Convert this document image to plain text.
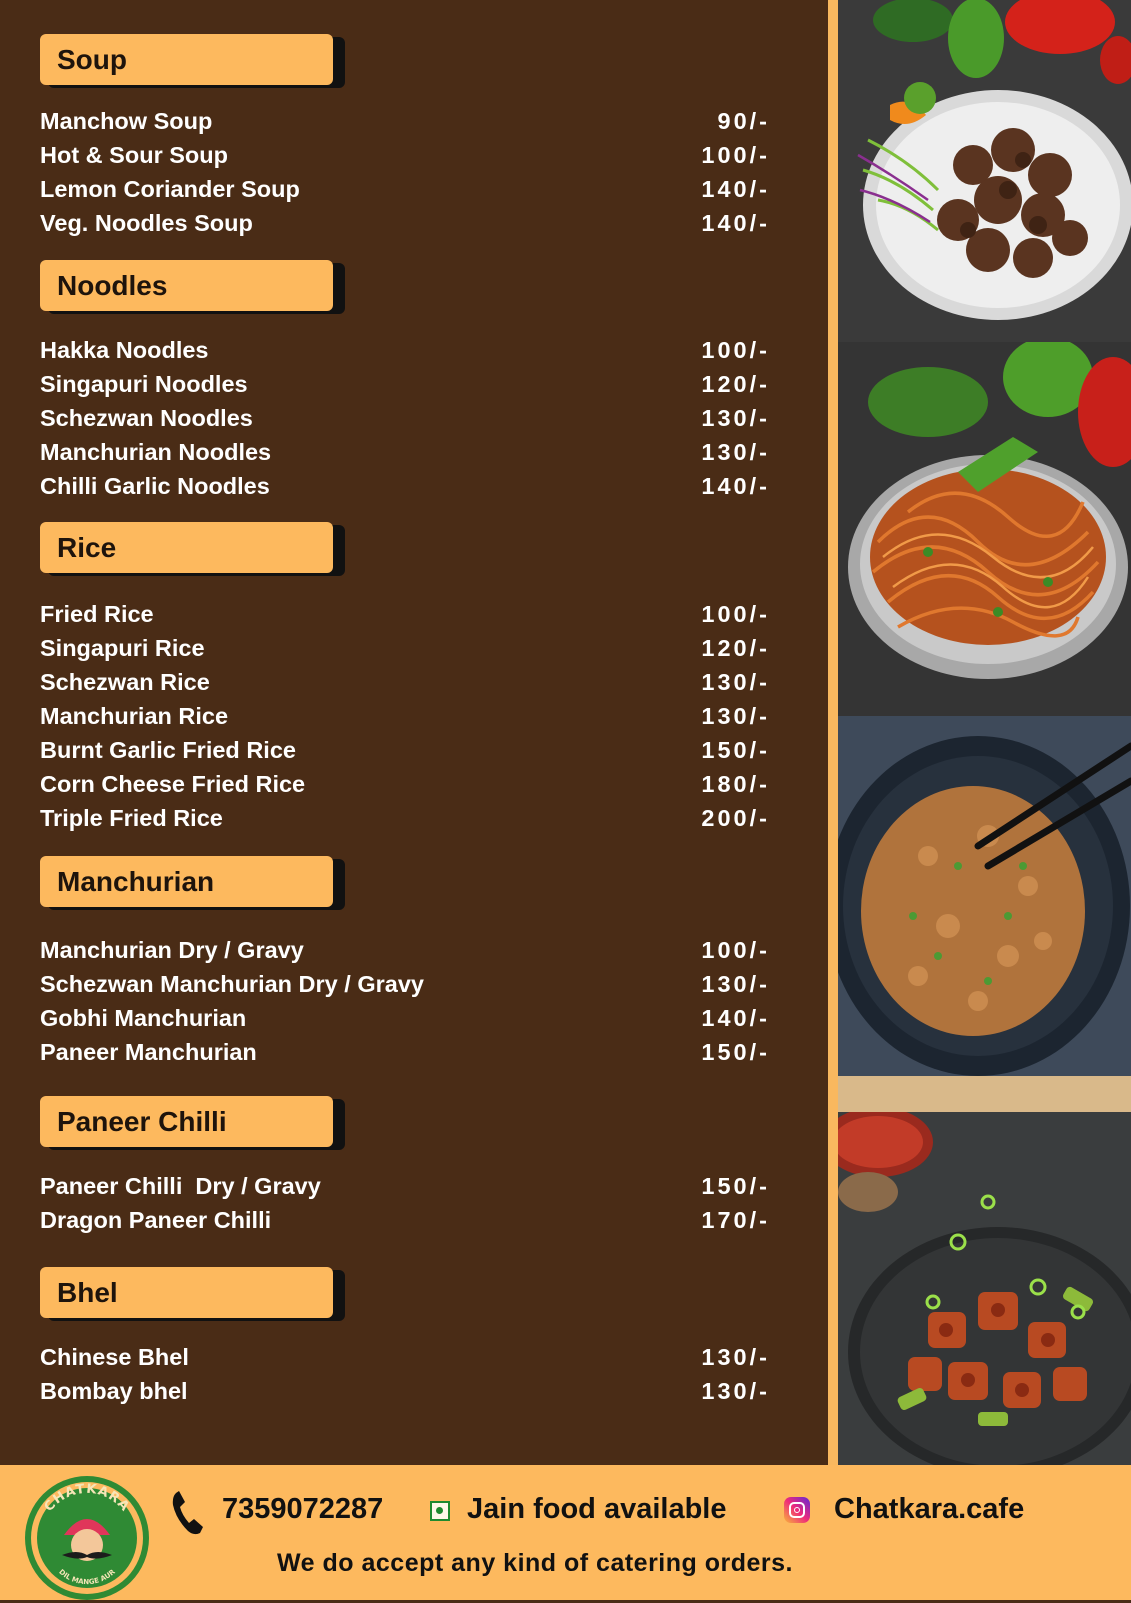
Soup
Manchow Soup	90/-
Hot & Sour Soup	100/-
Lemon Coriander Soup	140/-
Veg. Noodles Soup	140/-
Noodles
Hakka Noodles	100/-
Singapuri Noodles	120/-
Schezwan Noodles	130/-
Manchurian Noodles	130/-
Chilli Garlic Noodles	140/-
Rice
Fried Rice	100/-
Singapuri Rice	120/-
Schezwan Rice	130/-
Manchurian Rice	130/-
Burnt Garlic Fried Rice	150/-
Corn Cheese Fried Rice	180/-
Triple Fried Rice	200/-
Manchurian
Manchurian Dry / Gravy	100/-
Schezwan Manchurian Dry / Gravy	130/-
Gobhi Manchurian	140/-
Paneer Manchurian	150/-
Paneer Chilli
Paneer Chilli  Dry / Gravy	150/-
Dragon Paneer Chilli	170/-
Bhel
Chinese Bhel	130/-
Bombay bhel	130/-
CHATKARA
DIL MANGE AUR
7359072287	Jain food available	Chatkara.cafe
We do accept any kind of catering orders.
